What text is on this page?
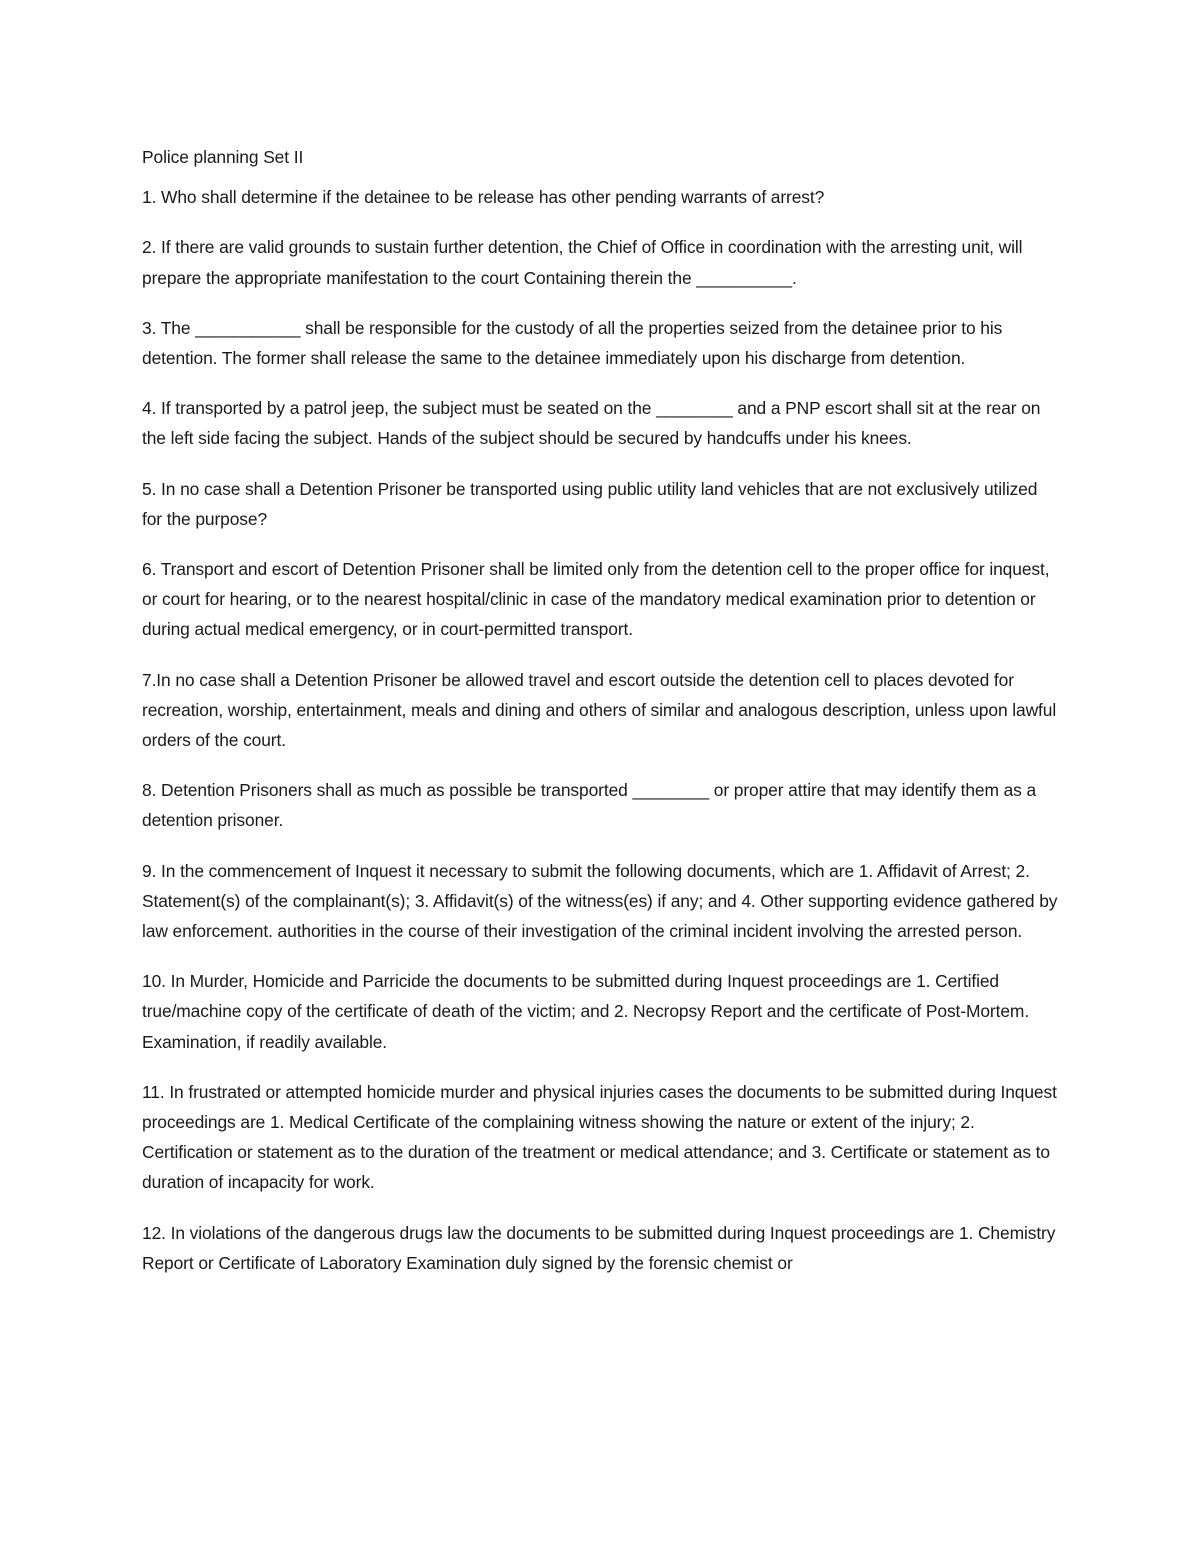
Police planning Set II

1. Who shall determine if the detainee to be release has other pending warrants of arrest?

2. If there are valid grounds to sustain further detention, the Chief of Office in coordination with the arresting unit, will prepare the appropriate manifestation to the court Containing therein the __________.

3. The ___________ shall be responsible for the custody of all the properties seized from the detainee prior to his detention. The former shall release the same to the detainee immediately upon his discharge from detention.

4. If transported by a patrol jeep, the subject must be seated on the ________ and a PNP escort shall sit at the rear on the left side facing the subject. Hands of the subject should be secured by handcuffs under his knees.

5. In no case shall a Detention Prisoner be transported using public utility land vehicles that are not exclusively utilized for the purpose?

6. Transport and escort of Detention Prisoner shall be limited only from the detention cell to the proper office for inquest, or court for hearing, or to the nearest hospital/clinic in case of the mandatory medical examination prior to detention or during actual medical emergency, or in court-permitted transport.

7.In no case shall a Detention Prisoner be allowed travel and escort outside the detention cell to places devoted for recreation, worship, entertainment, meals and dining and others of similar and analogous description, unless upon lawful orders of the court.

8. Detention Prisoners shall as much as possible be transported ________ or proper attire that may identify them as a detention prisoner.

9. In the commencement of Inquest it necessary to submit the following documents, which are 1. Affidavit of Arrest; 2. Statement(s) of the complainant(s); 3. Affidavit(s) of the witness(es) if any; and 4. Other supporting evidence gathered by law enforcement. authorities in the course of their investigation of the criminal incident involving the arrested person.

10. In Murder, Homicide and Parricide the documents to be submitted during Inquest proceedings are 1. Certified true/machine copy of the certificate of death of the victim; and 2. Necropsy Report and the certificate of Post-Mortem. Examination, if readily available.

11. In frustrated or attempted homicide murder and physical injuries cases the documents to be submitted during Inquest proceedings are 1. Medical Certificate of the complaining witness showing the nature or extent of the injury; 2. Certification or statement as to the duration of the treatment or medical attendance; and 3. Certificate or statement as to duration of incapacity for work.

12. In violations of the dangerous drugs law the documents to be submitted during Inquest proceedings are 1. Chemistry Report or Certificate of Laboratory Examination duly signed by the forensic chemist or
